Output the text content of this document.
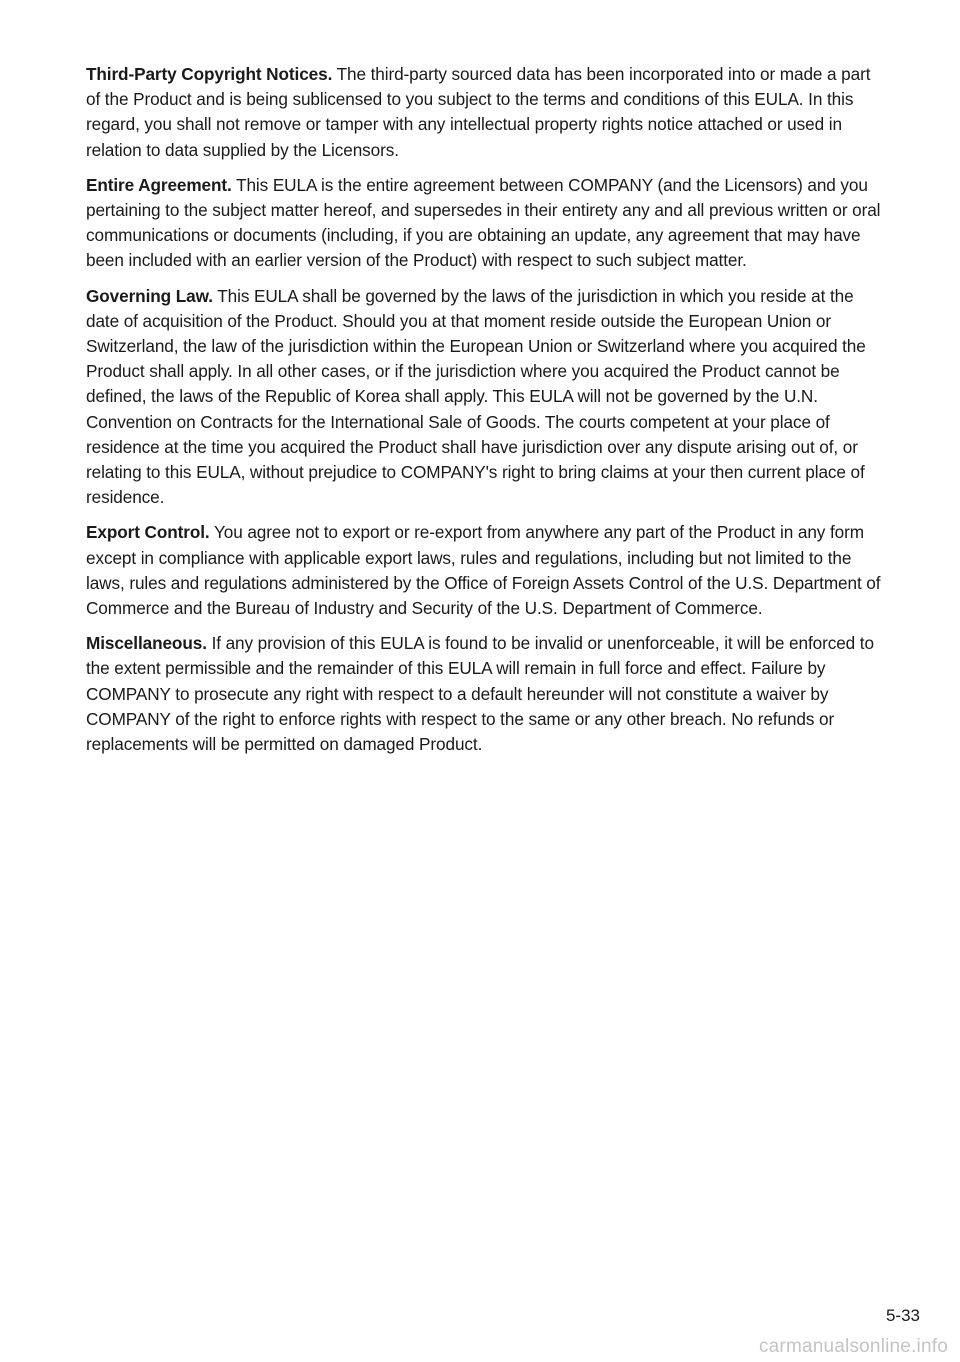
Third-Party Copyright Notices. The third-party sourced data has been incorporated into or made a part of the Product and is being sublicensed to you subject to the terms and conditions of this EULA. In this regard, you shall not remove or tamper with any intellectual property rights notice attached or used in relation to data supplied by the Licensors.

Entire Agreement. This EULA is the entire agreement between COMPANY (and the Licensors) and you pertaining to the subject matter hereof, and supersedes in their entirety any and all previous written or oral communications or documents (including, if you are obtaining an update, any agreement that may have been included with an earlier version of the Product) with respect to such subject matter.

Governing Law. This EULA shall be governed by the laws of the jurisdiction in which you reside at the date of acquisition of the Product. Should you at that moment reside outside the European Union or Switzerland, the law of the jurisdiction within the European Union or Switzerland where you acquired the Product shall apply. In all other cases, or if the jurisdiction where you acquired the Product cannot be defined, the laws of the Republic of Korea shall apply. This EULA will not be governed by the U.N. Convention on Contracts for the International Sale of Goods. The courts competent at your place of residence at the time you acquired the Product shall have jurisdiction over any dispute arising out of, or relating to this EULA, without prejudice to COMPANY's right to bring claims at your then current place of residence.

Export Control. You agree not to export or re-export from anywhere any part of the Product in any form except in compliance with applicable export laws, rules and regulations, including but not limited to the laws, rules and regulations administered by the Office of Foreign Assets Control of the U.S. Department of Commerce and the Bureau of Industry and Security of the U.S. Department of Commerce.

Miscellaneous. If any provision of this EULA is found to be invalid or unenforceable, it will be enforced to the extent permissible and the remainder of this EULA will remain in full force and effect. Failure by COMPANY to prosecute any right with respect to a default hereunder will not constitute a waiver by COMPANY of the right to enforce rights with respect to the same or any other breach. No refunds or replacements will be permitted on damaged Product.

5-33
carmanualsonline.info
